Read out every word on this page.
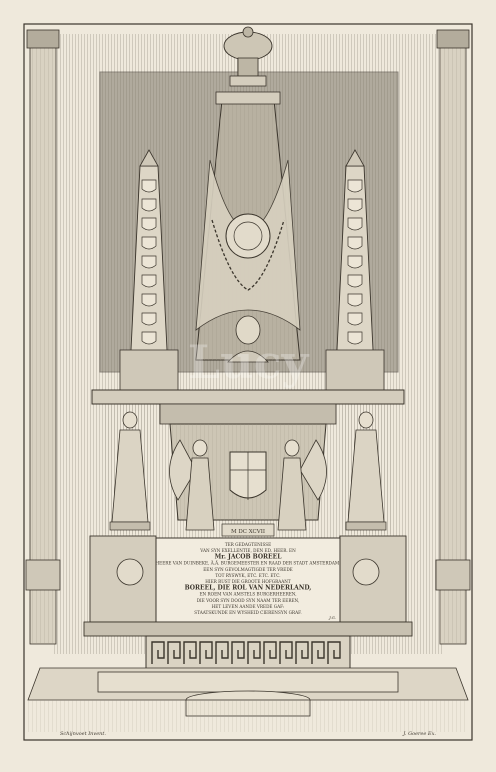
M DC XCVII
TER GEDAGTENISSE
VAN SYN EXELLENTIE, DEN ED. HEER. EN
Mr. JACOB BOREEL
HEERE VAN DUINBEKE, Ä.Ä. BURGEMEESTER EN RAAD DER STADT AMSTERDAM,
EEN SYN GEVOLMAGTIGDE TER VREDE
TOT RYSWYK, ETC. ETC. ETC.
HIER RUST DIE GROOTE HOFGRAANT
BOREEL, DIE ROL VAN NEDERLAND,
EN ROEM VAN AMSTELS BURGERHEEREN,
DIE VOOR SYN DOOD SYN NAAM TER EEREN,
HET LEVEN AANDE VREDE GAF:
STAATSKUNDE EN WYSHEID CIERENSYN GRAF.
J.G.
Lucy
Schijnvoet Invent.	J. Goeree Ex.
